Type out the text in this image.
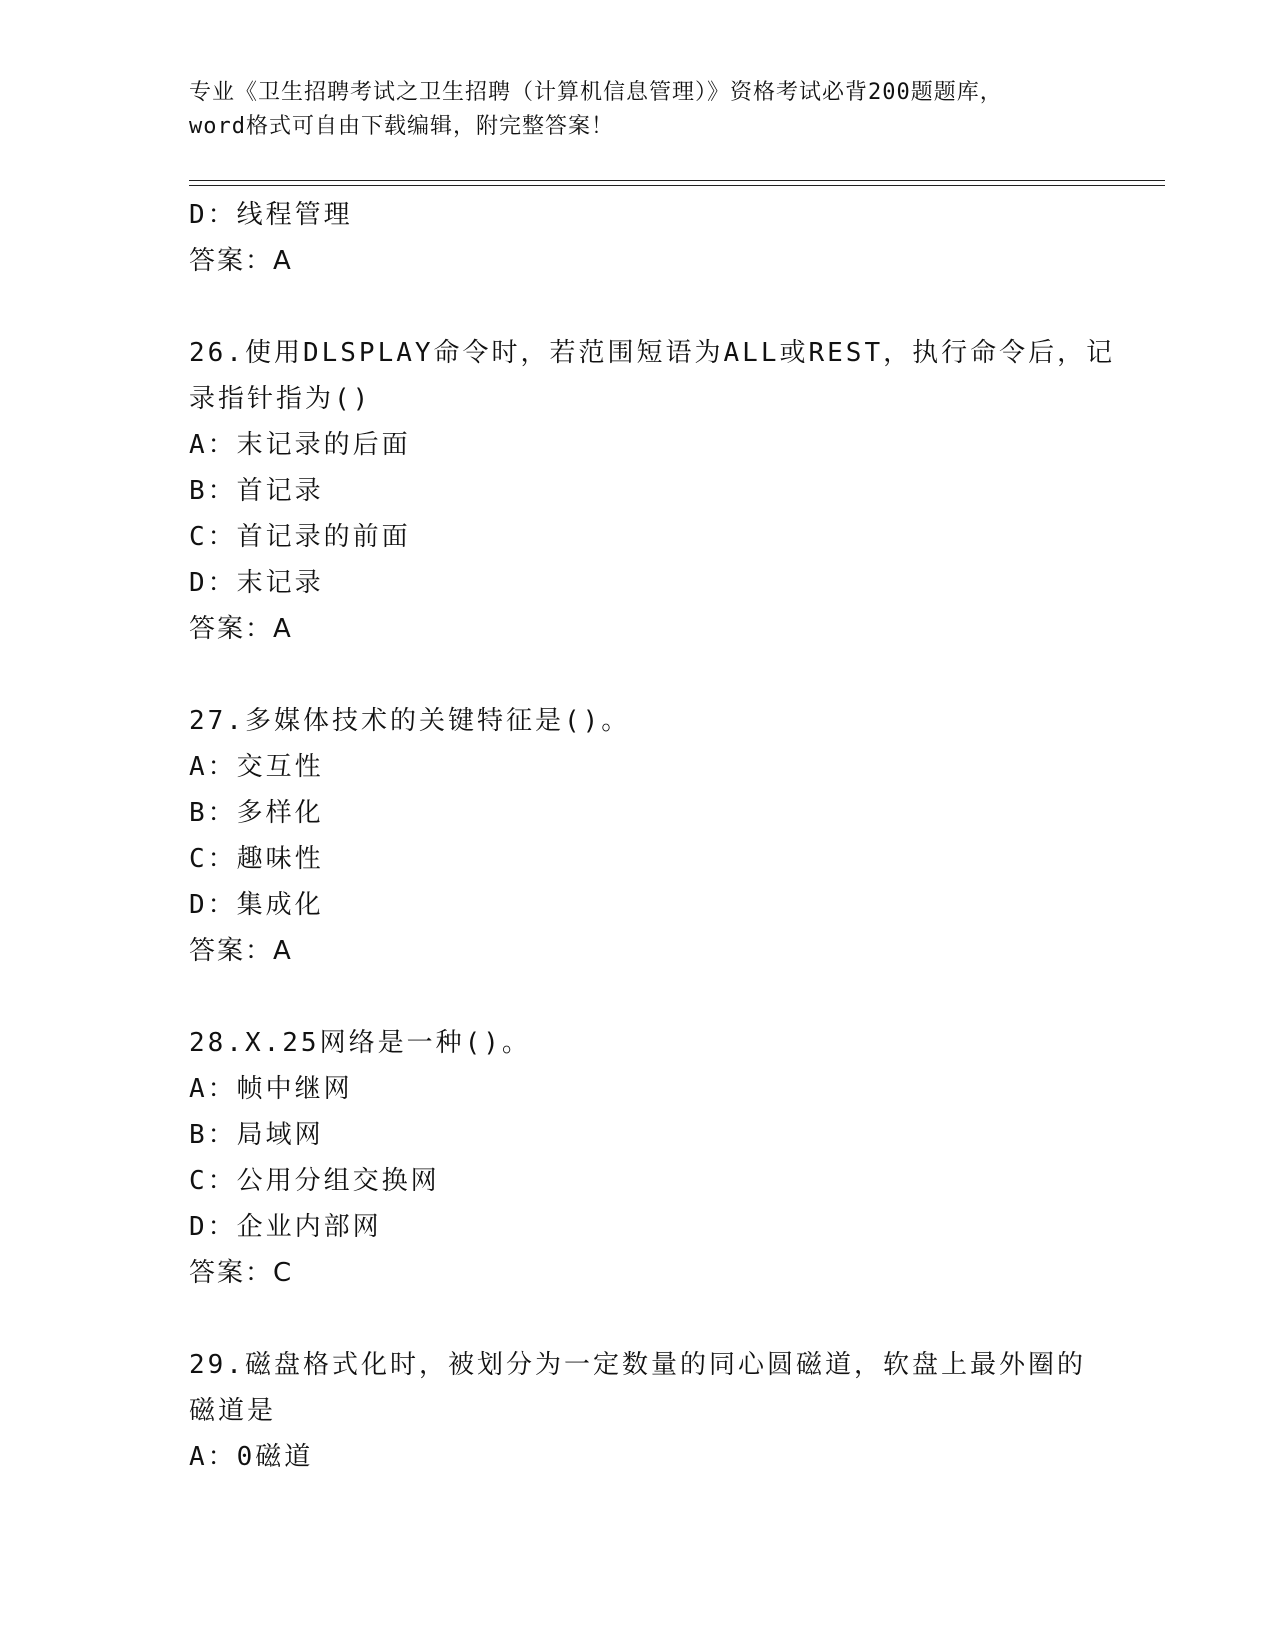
专业《卫生招聘考试之卫生招聘（计算机信息管理）》资格考试必背200题题库，
word格式可自由下载编辑，附完整答案！
D：线程管理
答案：A
26.使用DLSPLAY命令时，若范围短语为ALL或REST，执行命令后，记
录指针指为()
A：末记录的后面
B：首记录
C：首记录的前面
D：末记录
答案：A
27.多媒体技术的关键特征是()。
A：交互性
B：多样化
C：趣味性
D：集成化
答案：A
28.X.25网络是一种()。
A：帧中继网
B：局域网
C：公用分组交换网
D：企业内部网
答案：C
29.磁盘格式化时，被划分为一定数量的同心圆磁道，软盘上最外圈的
磁道是
A：0磁道
